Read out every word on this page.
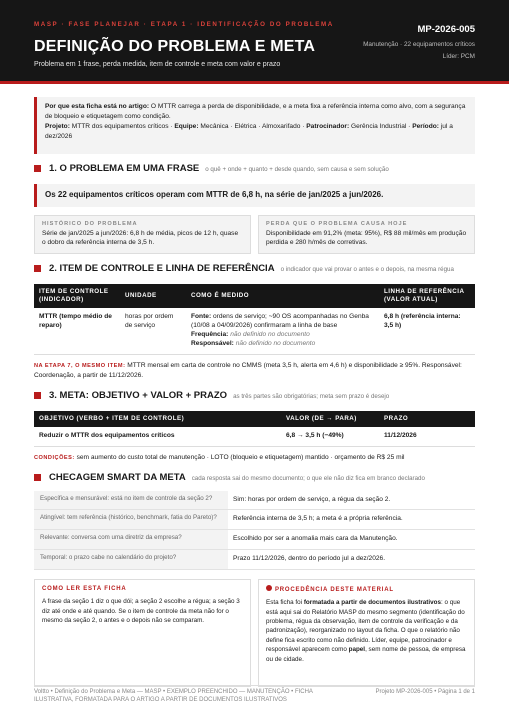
MASP · FASE PLANEJAR · ETAPA 1 · IDENTIFICAÇÃO DO PROBLEMA
DEFINIÇÃO DO PROBLEMA E META
Problema em 1 frase, perda medida, item de controle e meta com valor e prazo
MP-2026-005
Manutenção · 22 equipamentos críticos
Líder: PCM
Por que esta ficha está no artigo: O MTTR carrega a perda de disponibilidade, e a meta fixa a referência interna como alvo, com a segurança de bloqueio e etiquetagem como condição.
Projeto: MTTR dos equipamentos críticos · Equipe: Mecânica · Elétrica · Almoxarifado · Patrocinador: Gerência Industrial · Período: jul a dez/2026
1. O PROBLEMA EM UMA FRASE o quê + onde + quanto + desde quando, sem causa e sem solução
Os 22 equipamentos críticos operam com MTTR de 6,8 h, na série de jan/2025 a jun/2026.
HISTÓRICO DO PROBLEMA
Série de jan/2025 a jun/2026: 6,8 h de média, picos de 12 h, quase o dobro da referência interna de 3,5 h.
PERDA QUE O PROBLEMA CAUSA HOJE
Disponibilidade em 91,2% (meta: 95%), R$ 88 mil/mês em produção perdida e 280 h/mês de corretivas.
2. ITEM DE CONTROLE E LINHA DE REFERÊNCIA o indicador que vai provar o antes e o depois, na mesma régua
ITEM DE CONTROLE (INDICADOR)	UNIDADE	COMO É MEDIDO	LINHA DE REFERÊNCIA (VALOR ATUAL)
MTTR (tempo médio de reparo)	horas por ordem de serviço	Fonte: ordens de serviço; ~90 OS acompanhadas no Genba (10/08 a 04/09/2026) confirmaram a linha de base
Frequência: não definido no documento
Responsável: não definido no documento	6,8 h (referência interna: 3,5 h)
NA ETAPA 7, O MESMO ITEM: MTTR mensal em carta de controle no CMMS (meta 3,5 h, alerta em 4,6 h) e disponibilidade ≥ 95%. Responsável: Coordenação, a partir de 11/12/2026.
3. META: OBJETIVO + VALOR + PRAZO as três partes são obrigatórias; meta sem prazo é desejo
OBJETIVO (VERBO + ITEM DE CONTROLE)	VALOR (DE → PARA)	PRAZO
Reduzir o MTTR dos equipamentos críticos	6,8 → 3,5 h (−49%)	11/12/2026
CONDIÇÕES: sem aumento do custo total de manutenção · LOTO (bloqueio e etiquetagem) mantido · orçamento de R$ 25 mil
CHECAGEM SMART DA META cada resposta sai do mesmo documento; o que ele não diz fica em branco declarado
Específica e mensurável: está no item de controle da seção 2?	Sim: horas por ordem de serviço, a régua da seção 2.
Atingível: tem referência (histórico, benchmark, fatia do Pareto)?	Referência interna de 3,5 h; a meta é a própria referência.
Relevante: conversa com uma diretriz da empresa?	Escolhido por ser a anomalia mais cara da Manutenção.
Temporal: o prazo cabe no calendário do projeto?	Prazo 11/12/2026, dentro do período jul a dez/2026.
COMO LER ESTA FICHA
A frase da seção 1 diz o que dói; a seção 2 escolhe a régua; a seção 3 diz até onde e até quando. Se o item de controle da meta não for o mesmo da seção 2, o antes e o depois não se comparam.
PROCEDÊNCIA DESTE MATERIAL
Esta ficha foi formatada a partir de documentos ilustrativos: o que está aqui sai do Relatório MASP do mesmo segmento (identificação do problema, régua da observação, item de controle da verificação e da padronização), reorganizado no layout da ficha. O que o relatório não define fica escrito como não definido. Líder, equipe, patrocinador e responsável aparecem como papel, sem nome de pessoa, de empresa ou de cidade.
Voltto • Definição do Problema e Meta — MASP • EXEMPLO PREENCHIDO — MANUTENÇÃO • FICHA ILUSTRATIVA, FORMATADA PARA O ARTIGO A PARTIR DE DOCUMENTOS ILUSTRATIVOS
Projeto MP-2026-005 • Página 1 de 1
